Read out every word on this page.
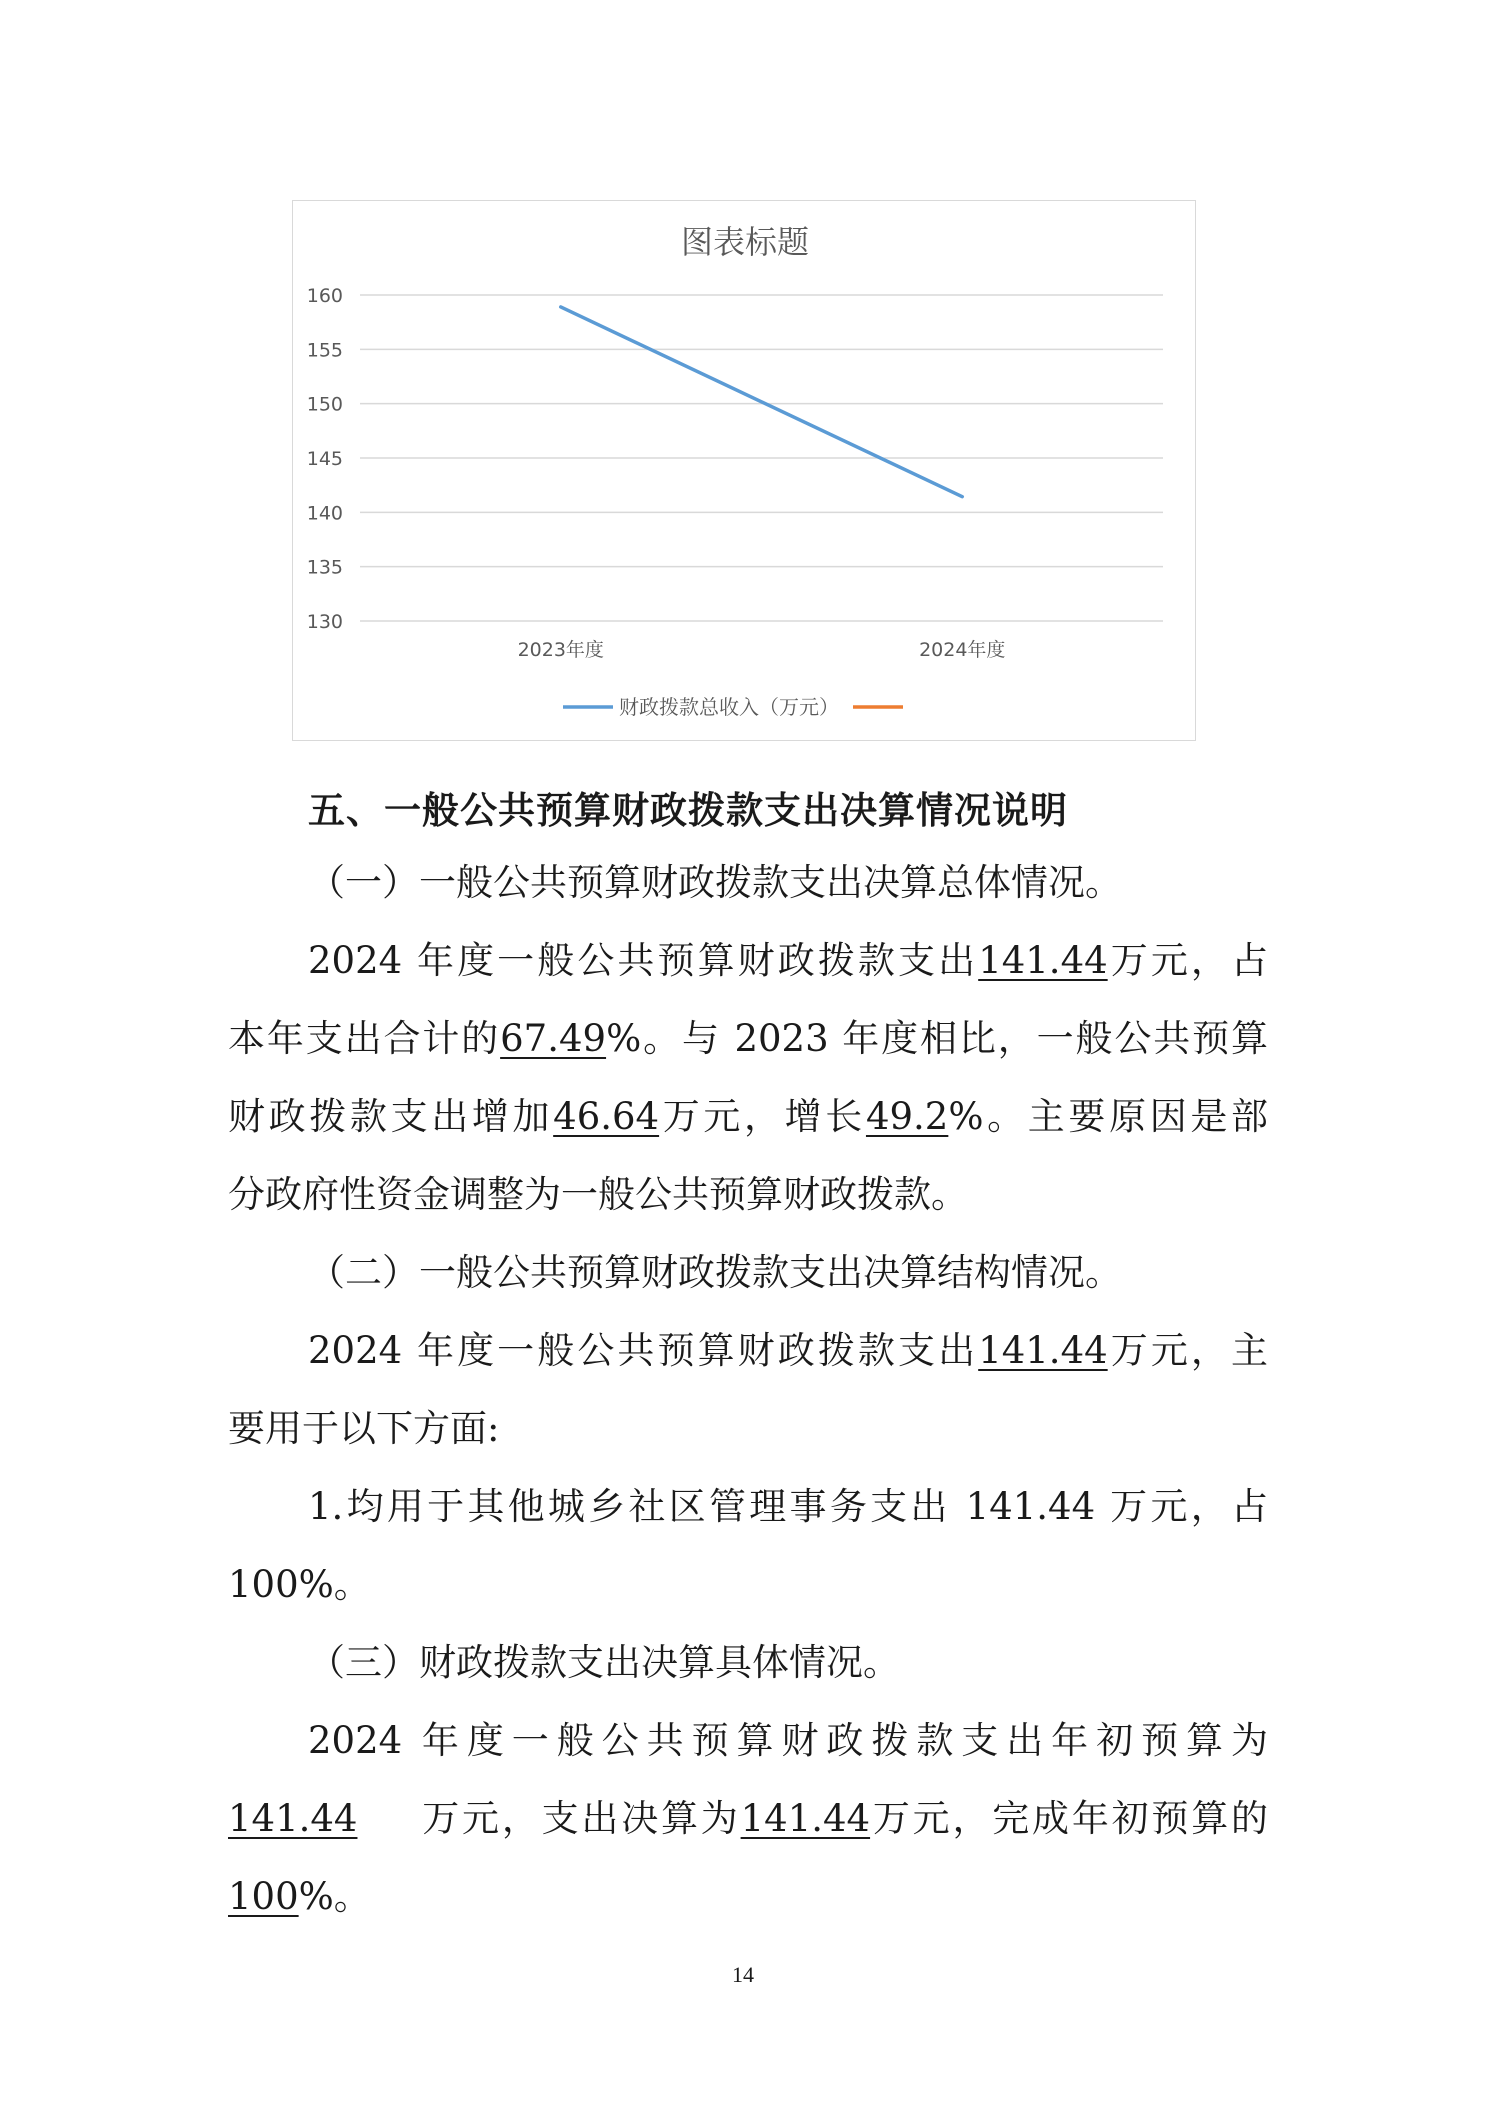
图表标题
130
135
140
145
150
155
160
2023年度	2024年度
财政拨款总收入（万元）
五、一般公共预算财政拨款支出决算情况说明
（一）一般公共预算财政拨款支出决算总体情况。
2024 年度一般公共预算财政拨款支出141.44万元，占
本年支出合计的67.49%。与 2023 年度相比，一般公共预算
财政拨款支出增加46.64万元，增长49.2%。主要原因是部
分政府性资金调整为一般公共预算财政拨款。
（二）一般公共预算财政拨款支出决算结构情况。
2024 年度一般公共预算财政拨款支出141.44万元，主
要用于以下方面:
1.均用于其他城乡社区管理事务支出 141.44 万元，占
100%。
（三）财政拨款支出决算具体情况。
2024 年度一般公共预算财政拨款支出年初预算为
141.44 万元，支出决算为141.44万元，完成年初预算的
100%。
14
